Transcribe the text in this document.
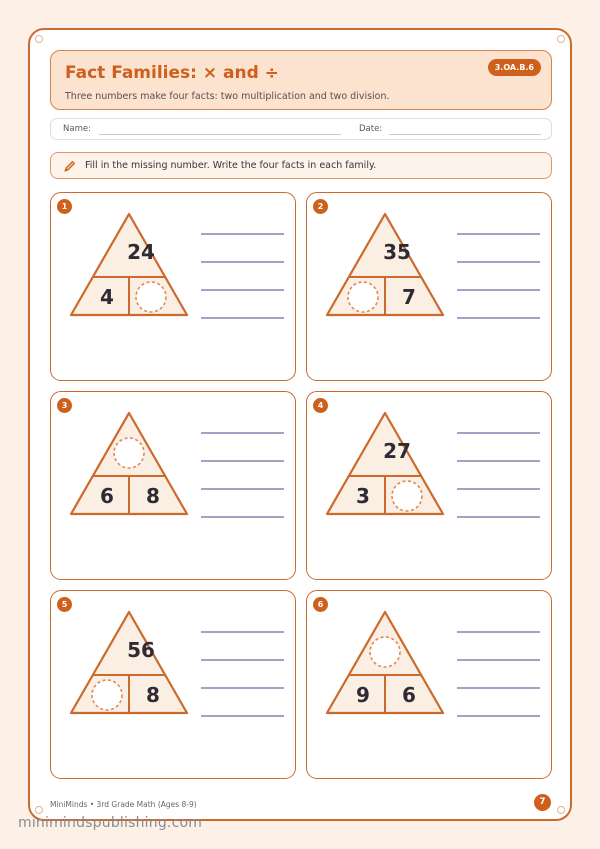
Fact Families: × and ÷
Three numbers make four facts: two multiplication and two division.
3.OA.B.6
Name:	Date:
Fill in the missing number. Write the four facts in each family.
1
24
4
2
35
7
3
6	8
4
27
3
5
56
8
6
9	6
MiniMinds • 3rd Grade Math (Ages 8-9)	7
minimindspublishing.com
